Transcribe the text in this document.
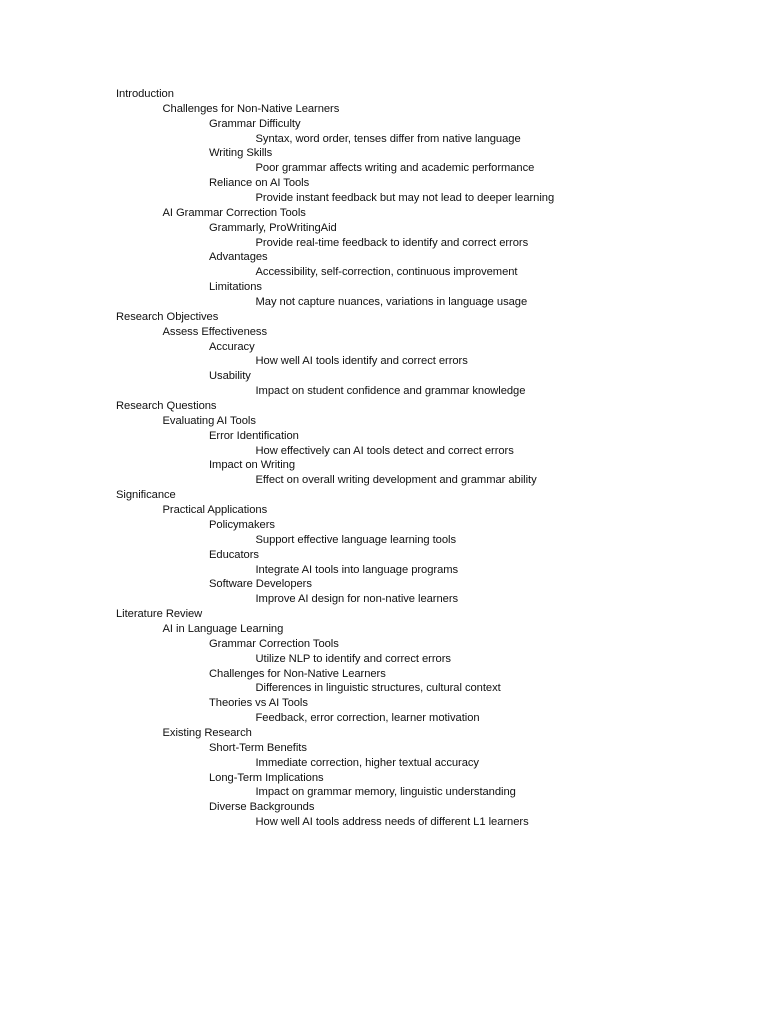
Introduction
Challenges for Non-Native Learners
Grammar Difficulty
Syntax, word order, tenses differ from native language
Writing Skills
Poor grammar affects writing and academic performance
Reliance on AI Tools
Provide instant feedback but may not lead to deeper learning
AI Grammar Correction Tools
Grammarly, ProWritingAid
Provide real-time feedback to identify and correct errors
Advantages
Accessibility, self-correction, continuous improvement
Limitations
May not capture nuances, variations in language usage
Research Objectives
Assess Effectiveness
Accuracy
How well AI tools identify and correct errors
Usability
Impact on student confidence and grammar knowledge
Research Questions
Evaluating AI Tools
Error Identification
How effectively can AI tools detect and correct errors
Impact on Writing
Effect on overall writing development and grammar ability
Significance
Practical Applications
Policymakers
Support effective language learning tools
Educators
Integrate AI tools into language programs
Software Developers
Improve AI design for non-native learners
Literature Review
AI in Language Learning
Grammar Correction Tools
Utilize NLP to identify and correct errors
Challenges for Non-Native Learners
Differences in linguistic structures, cultural context
Theories vs AI Tools
Feedback, error correction, learner motivation
Existing Research
Short-Term Benefits
Immediate correction, higher textual accuracy
Long-Term Implications
Impact on grammar memory, linguistic understanding
Diverse Backgrounds
How well AI tools address needs of different L1 learners
